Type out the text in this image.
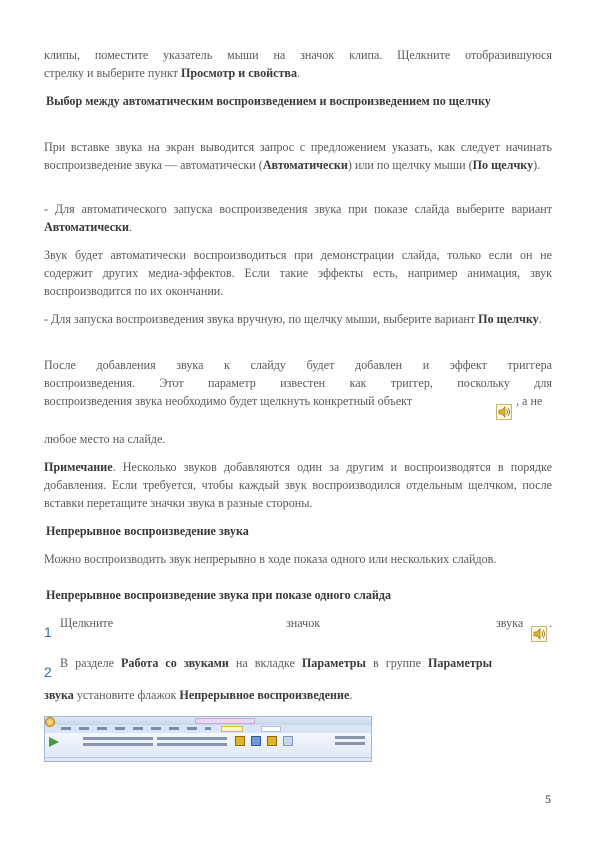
клипы, поместите указатель мыши на значок клипа. Щелкните отобразившуюся
стрелку и выберите пункт Просмотр и свойства.
Выбор между автоматическим воспроизведением и воспроизведением по щелчку
При вставке звука на экран выводится запрос с предложением указать, как следует начинать воспроизведение звука — автоматически (Автоматически) или по щелчку мыши (По щелчку).
- Для автоматического запуска воспроизведения звука при показе слайда выберите вариант Автоматически.
Звук будет автоматически воспроизводиться при демонстрации слайда, только если он не содержит других медиа-эффектов. Если такие эффекты есть, например анимация, звук воспроизводится по их окончании.
- Для запуска воспроизведения звука вручную, по щелчку мыши, выберите вариант По щелчку.
После добавления звука к слайду будет добавлен и эффект триггера
воспроизведения. Этот параметр известен как триггер, поскольку для
воспроизведения звука необходимо будет щелкнуть конкретный объект	, а не
любое место на слайде.
Примечание. Несколько звуков добавляются один за другим и воспроизводятся в порядке добавления. Если требуется, чтобы каждый звук воспроизводился отдельным щелчком, после вставки перетащите значки звука в разные стороны.
Непрерывное воспроизведение звука
Можно воспроизводить звук непрерывно в ходе показа одного или нескольких слайдов.
Непрерывное воспроизведение звука при показе одного слайда
1
Щелкните	значок	звука	.
2
В разделе Работа со звуками на вкладке Параметры в группе Параметры
звука установите флажок Непрерывное воспроизведение.
5
